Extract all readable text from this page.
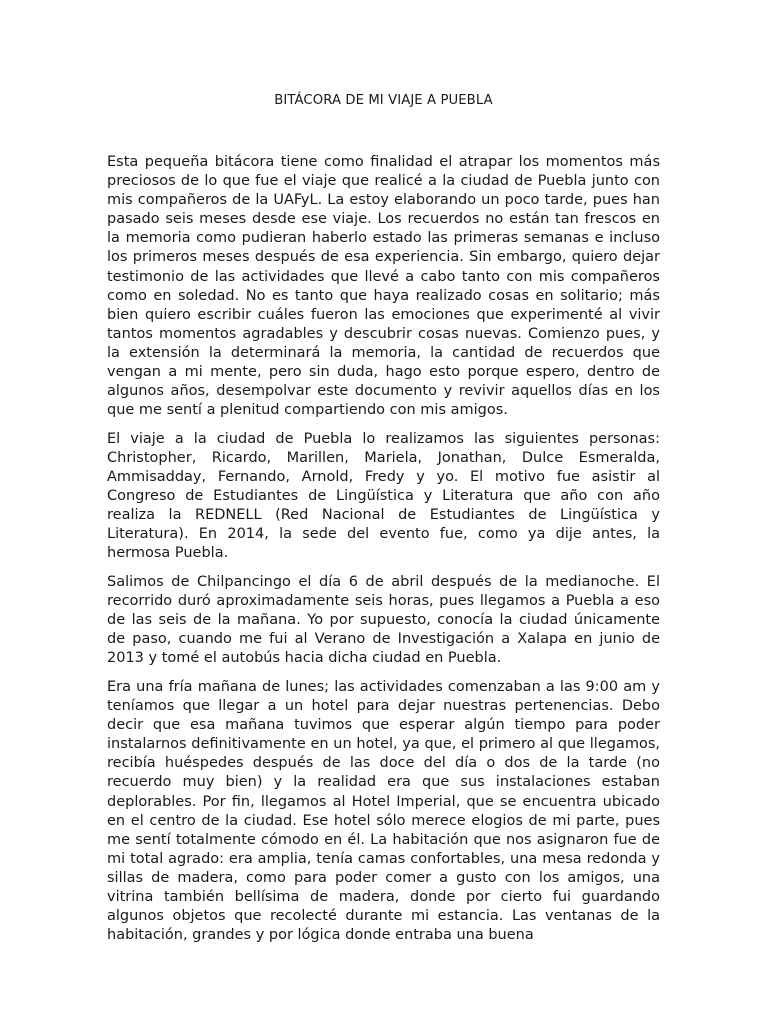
BITÁCORA DE MI VIAJE A PUEBLA

Esta pequeña bitácora tiene como finalidad el atrapar los momentos más preciosos de lo que fue el viaje que realicé a la ciudad de Puebla junto con mis compañeros de la UAFyL. La estoy elaborando un poco tarde, pues han pasado seis meses desde ese viaje. Los recuerdos no están tan frescos en la memoria como pudieran haberlo estado las primeras semanas e incluso los primeros meses después de esa experiencia. Sin embargo, quiero dejar testimonio de las actividades que llevé a cabo tanto con mis compañeros como en soledad. No es tanto que haya realizado cosas en solitario; más bien quiero escribir cuáles fueron las emociones que experimenté al vivir tantos momentos agradables y descubrir cosas nuevas. Comienzo pues, y la extensión la determinará la memoria, la cantidad de recuerdos que vengan a mi mente, pero sin duda, hago esto porque espero, dentro de algunos años, desempolvar este documento y revivir aquellos días en los que me sentí a plenitud compartiendo con mis amigos.

El viaje a la ciudad de Puebla lo realizamos las siguientes personas: Christopher, Ricardo, Marillen, Mariela, Jonathan, Dulce Esmeralda, Ammisadday, Fernando, Arnold, Fredy y yo. El motivo fue asistir al Congreso de Estudiantes de Lingüística y Literatura que año con año realiza la REDNELL (Red Nacional de Estudiantes de Lingüística y Literatura). En 2014, la sede del evento fue, como ya dije antes, la hermosa Puebla.

Salimos de Chilpancingo el día 6 de abril después de la medianoche. El recorrido duró aproximadamente seis horas, pues llegamos a Puebla a eso de las seis de la mañana. Yo por supuesto, conocía la ciudad únicamente de paso, cuando me fui al Verano de Investigación a Xalapa en junio de 2013 y tomé el autobús hacia dicha ciudad en Puebla.

Era una fría mañana de lunes; las actividades comenzaban a las 9:00 am y teníamos que llegar a un hotel para dejar nuestras pertenencias. Debo decir que esa mañana tuvimos que esperar algún tiempo para poder instalarnos definitivamente en un hotel, ya que, el primero al que llegamos, recibía huéspedes después de las doce del día o dos de la tarde (no recuerdo muy bien) y la realidad era que sus instalaciones estaban deplorables. Por fin, llegamos al Hotel Imperial, que se encuentra ubicado en el centro de la ciudad. Ese hotel sólo merece elogios de mi parte, pues me sentí totalmente cómodo en él. La habitación que nos asignaron fue de mi total agrado: era amplia, tenía camas confortables, una mesa redonda y sillas de madera, como para poder comer a gusto con los amigos, una vitrina también bellísima de madera, donde por cierto fui guardando algunos objetos que recolecté durante mi estancia. Las ventanas de la habitación, grandes y por lógica donde entraba una buena
